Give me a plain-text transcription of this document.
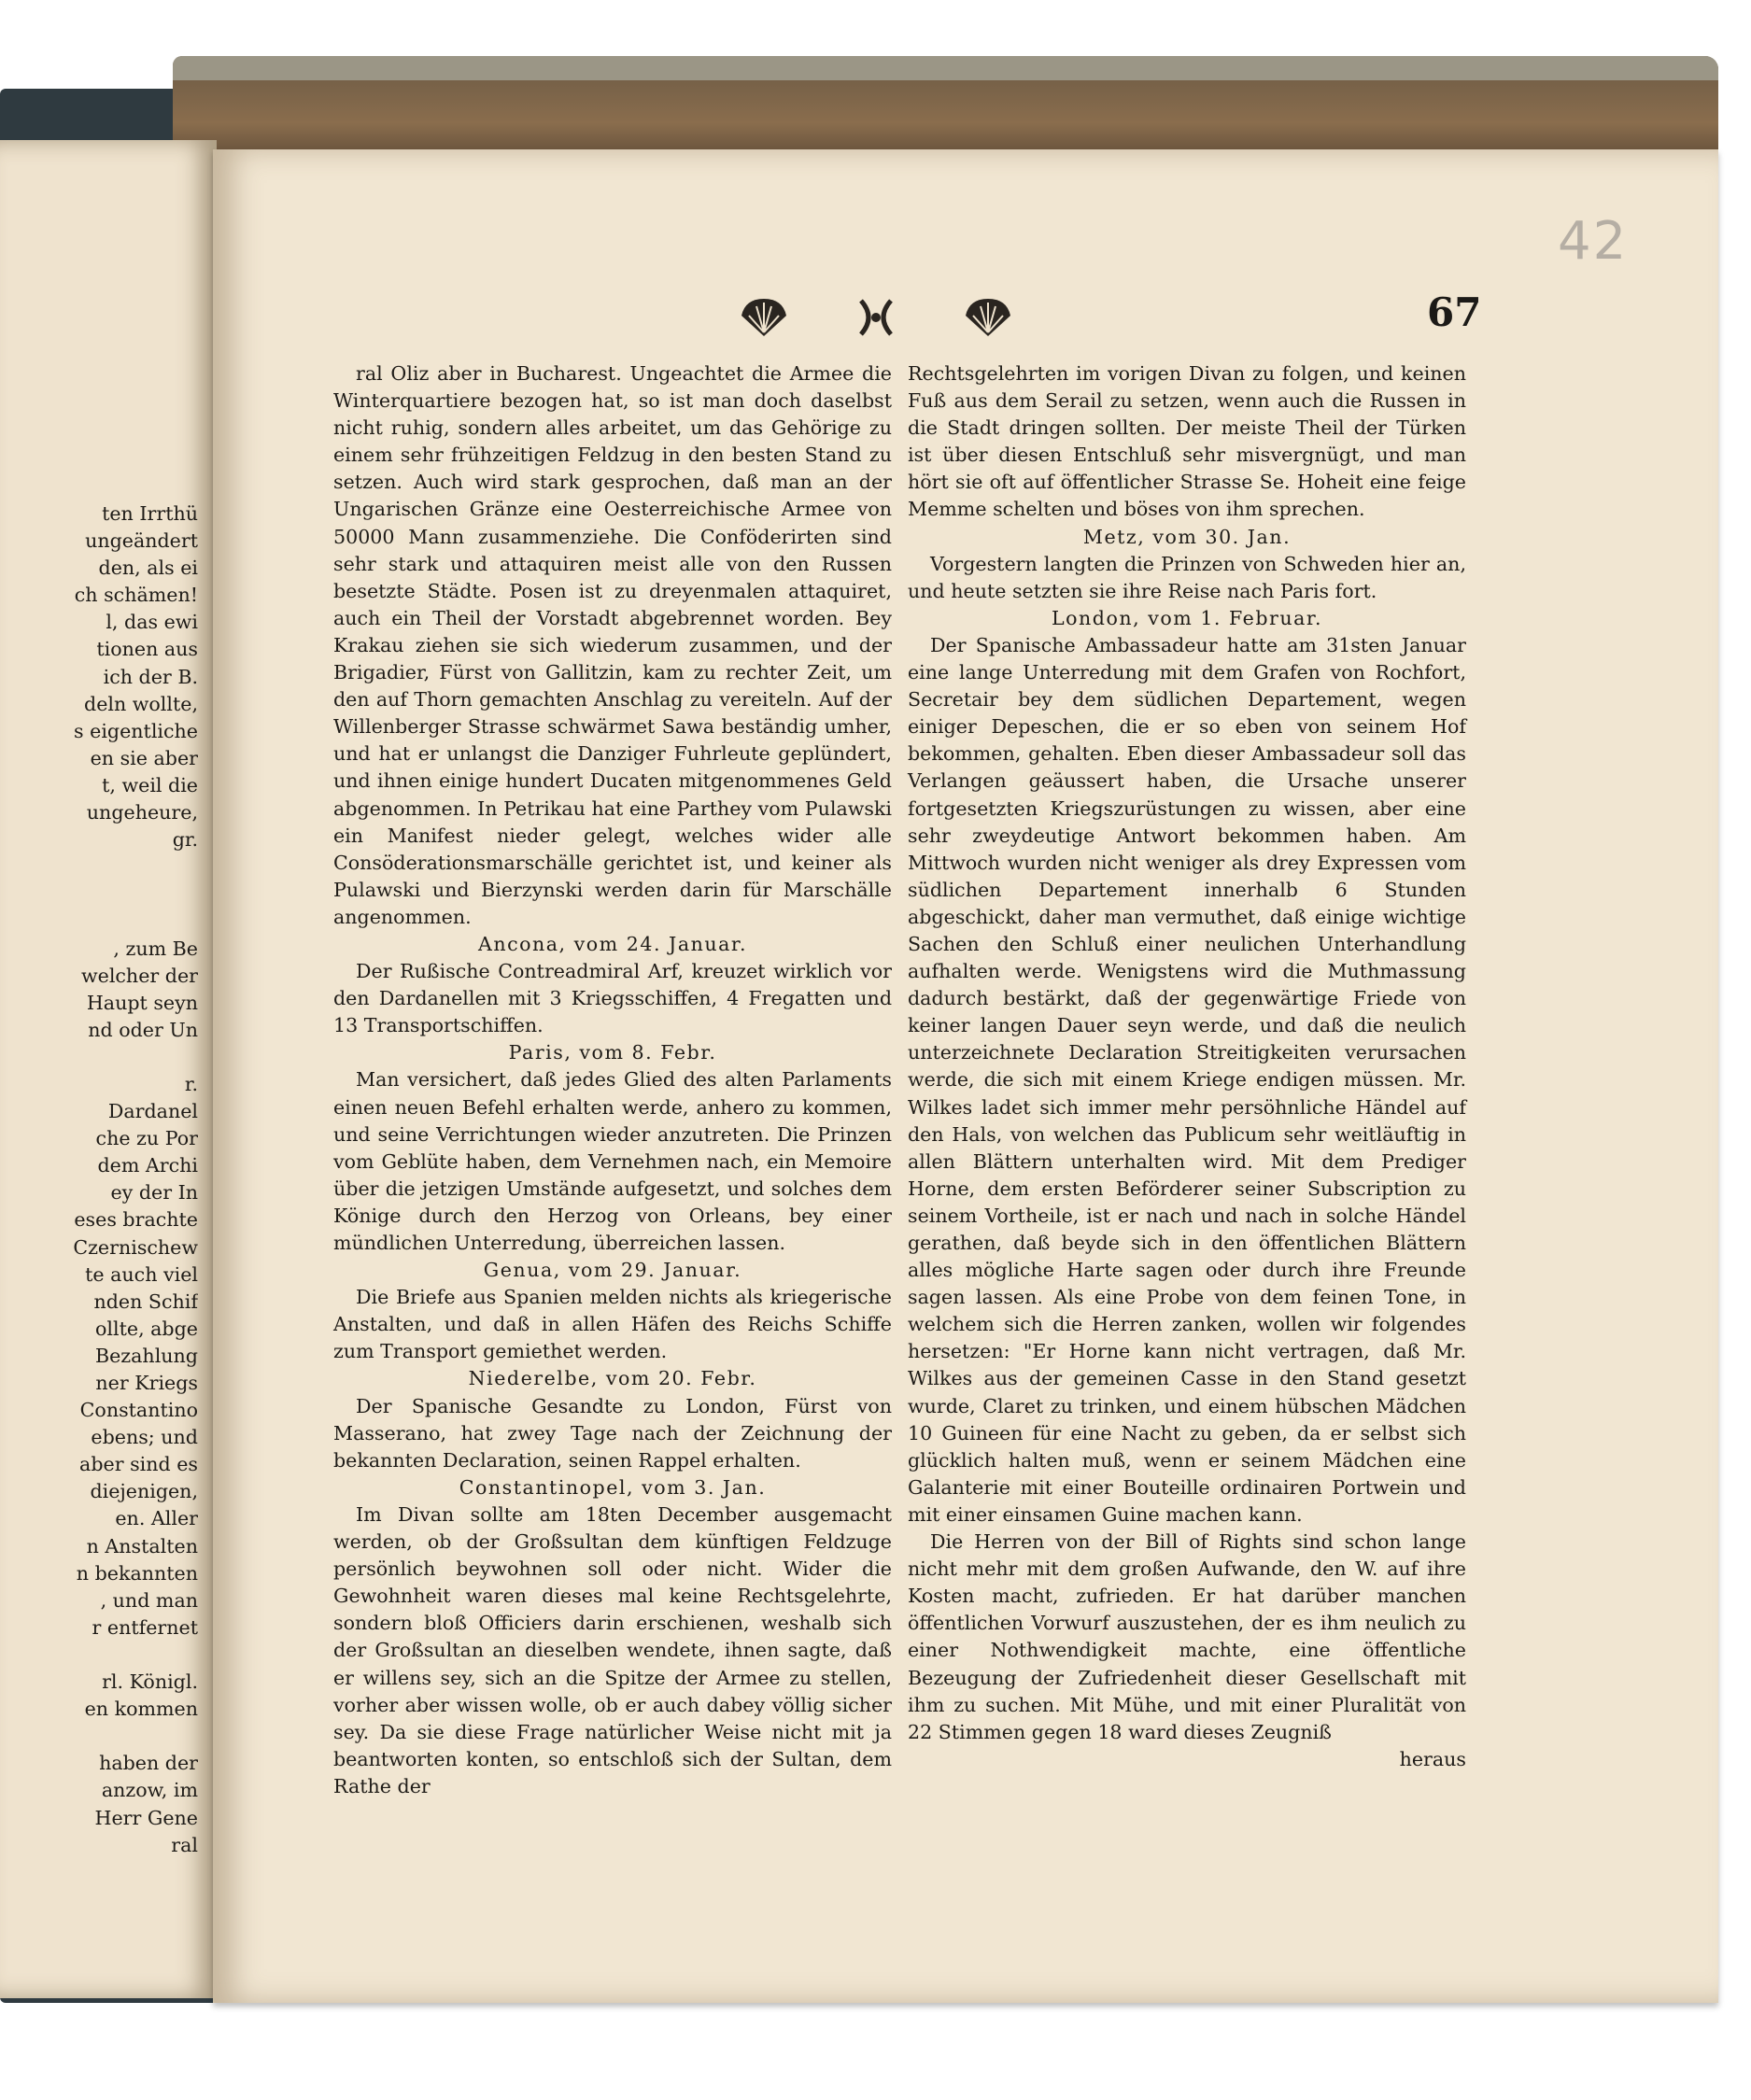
ten Irrthü
ungeändert
den, als ei
ch schämen!
l, das ewi
tionen aus
ich der B.
deln wollte,
s eigentliche
en sie aber
t, weil die
ungeheure,
gr.

, zum Be
welcher der
Haupt seyn
nd oder Un

r.
Dardanel
che zu Por
dem Archi
ey der In
eses brachte
Czernischew
te auch viel
nden Schif
ollte, abge
Bezahlung
ner Kriegs
Constantino
ebens; und
aber sind es
diejenigen,
en. Aller
n Anstalten
n bekannten
, und man
r entfernet

rl. Königl.
en kommen

haben der
anzow, im
Herr Gene
ral
42
67

ral Oliz aber in Bucharest. Ungeachtet die Armee die Winterquartiere bezogen hat, so ist man doch daselbst nicht ruhig, sondern alles arbeitet, um das Gehörige zu einem sehr frühzeitigen Feldzug in den besten Stand zu setzen. Auch wird stark gesprochen, daß man an der Ungarischen Gränze eine Oesterreichische Armee von 50000 Mann zusammenziehe. Die Conföderirten sind sehr stark und attaquiren meist alle von den Russen besetzte Städte. Posen ist zu dreyenmalen attaquiret, auch ein Theil der Vorstadt abgebrennet worden. Bey Krakau ziehen sie sich wiederum zusammen, und der Brigadier, Fürst von Gallitzin, kam zu rechter Zeit, um den auf Thorn gemachten Anschlag zu vereiteln. Auf der Willenberger Strasse schwärmet Sawa beständig umher, und hat er unlangst die Danziger Fuhrleute geplündert, und ihnen einige hundert Ducaten mitgenommenes Geld abgenommen. In Petrikau hat eine Parthey vom Pulawski ein Manifest nieder gelegt, welches wider alle Consöderationsmarschälle gerichtet ist, und keiner als Pulawski und Bierzynski werden darin für Marschälle angenommen.

Ancona, vom 24. Januar.

Der Rußische Contreadmiral Arf, kreuzet wirklich vor den Dardanellen mit 3 Kriegsschiffen, 4 Fregatten und 13 Transportschiffen.

Paris, vom 8. Febr.

Man versichert, daß jedes Glied des alten Parlaments einen neuen Befehl erhalten werde, anhero zu kommen, und seine Verrichtungen wieder anzutreten. Die Prinzen vom Geblüte haben, dem Vernehmen nach, ein Memoire über die jetzigen Umstände aufgesetzt, und solches dem Könige durch den Herzog von Orleans, bey einer mündlichen Unterredung, überreichen lassen.

Genua, vom 29. Januar.

Die Briefe aus Spanien melden nichts als kriegerische Anstalten, und daß in allen Häfen des Reichs Schiffe zum Transport gemiethet werden.

Niederelbe, vom 20. Febr.

Der Spanische Gesandte zu London, Fürst von Masserano, hat zwey Tage nach der Zeichnung der bekannten Declaration, seinen Rappel erhalten.

Constantinopel, vom 3. Jan.

Im Divan sollte am 18ten December ausgemacht werden, ob der Großsultan dem künftigen Feldzuge persönlich beywohnen soll oder nicht. Wider die Gewohnheit waren dieses mal keine Rechtsgelehrte, sondern bloß Officiers darin erschienen, weshalb sich der Großsultan an dieselben wendete, ihnen sagte, daß er willens sey, sich an die Spitze der Armee zu stellen, vorher aber wissen wolle, ob er auch dabey völlig sicher sey. Da sie diese Frage natürlicher Weise nicht mit ja beantworten konten, so entschloß sich der Sultan, dem Rathe der

Rechtsgelehrten im vorigen Divan zu folgen, und keinen Fuß aus dem Serail zu setzen, wenn auch die Russen in die Stadt dringen sollten. Der meiste Theil der Türken ist über diesen Entschluß sehr misvergnügt, und man hört sie oft auf öffentlicher Strasse Se. Hoheit eine feige Memme schelten und böses von ihm sprechen.

Metz, vom 30. Jan.

Vorgestern langten die Prinzen von Schweden hier an, und heute setzten sie ihre Reise nach Paris fort.

London, vom 1. Februar.

Der Spanische Ambassadeur hatte am 31sten Januar eine lange Unterredung mit dem Grafen von Rochfort, Secretair bey dem südlichen Departement, wegen einiger Depeschen, die er so eben von seinem Hof bekommen, gehalten. Eben dieser Ambassadeur soll das Verlangen geäussert haben, die Ursache unserer fortgesetzten Kriegszurüstungen zu wissen, aber eine sehr zweydeutige Antwort bekommen haben. Am Mittwoch wurden nicht weniger als drey Expressen vom südlichen Departement innerhalb 6 Stunden abgeschickt, daher man vermuthet, daß einige wichtige Sachen den Schluß einer neulichen Unterhandlung aufhalten werde. Wenigstens wird die Muthmassung dadurch bestärkt, daß der gegenwärtige Friede von keiner langen Dauer seyn werde, und daß die neulich unterzeichnete Declaration Streitigkeiten verursachen werde, die sich mit einem Kriege endigen müssen. Mr. Wilkes ladet sich immer mehr persöhnliche Händel auf den Hals, von welchen das Publicum sehr weitläuftig in allen Blättern unterhalten wird. Mit dem Prediger Horne, dem ersten Beförderer seiner Subscription zu seinem Vortheile, ist er nach und nach in solche Händel gerathen, daß beyde sich in den öffentlichen Blättern alles mögliche Harte sagen oder durch ihre Freunde sagen lassen. Als eine Probe von dem feinen Tone, in welchem sich die Herren zanken, wollen wir folgendes hersetzen: "Er Horne kann nicht vertragen, daß Mr. Wilkes aus der gemeinen Casse in den Stand gesetzt wurde, Claret zu trinken, und einem hübschen Mädchen 10 Guineen für eine Nacht zu geben, da er selbst sich glücklich halten muß, wenn er seinem Mädchen eine Galanterie mit einer Bouteille ordinairen Portwein und mit einer einsamen Guine machen kann.

Die Herren von der Bill of Rights sind schon lange nicht mehr mit dem großen Aufwande, den W. auf ihre Kosten macht, zufrieden. Er hat darüber manchen öffentlichen Vorwurf auszustehen, der es ihm neulich zu einer Nothwendigkeit machte, eine öffentliche Bezeugung der Zufriedenheit dieser Gesellschaft mit ihm zu suchen. Mit Mühe, und mit einer Pluralität von 22 Stimmen gegen 18 ward dieses Zeugniß

heraus
